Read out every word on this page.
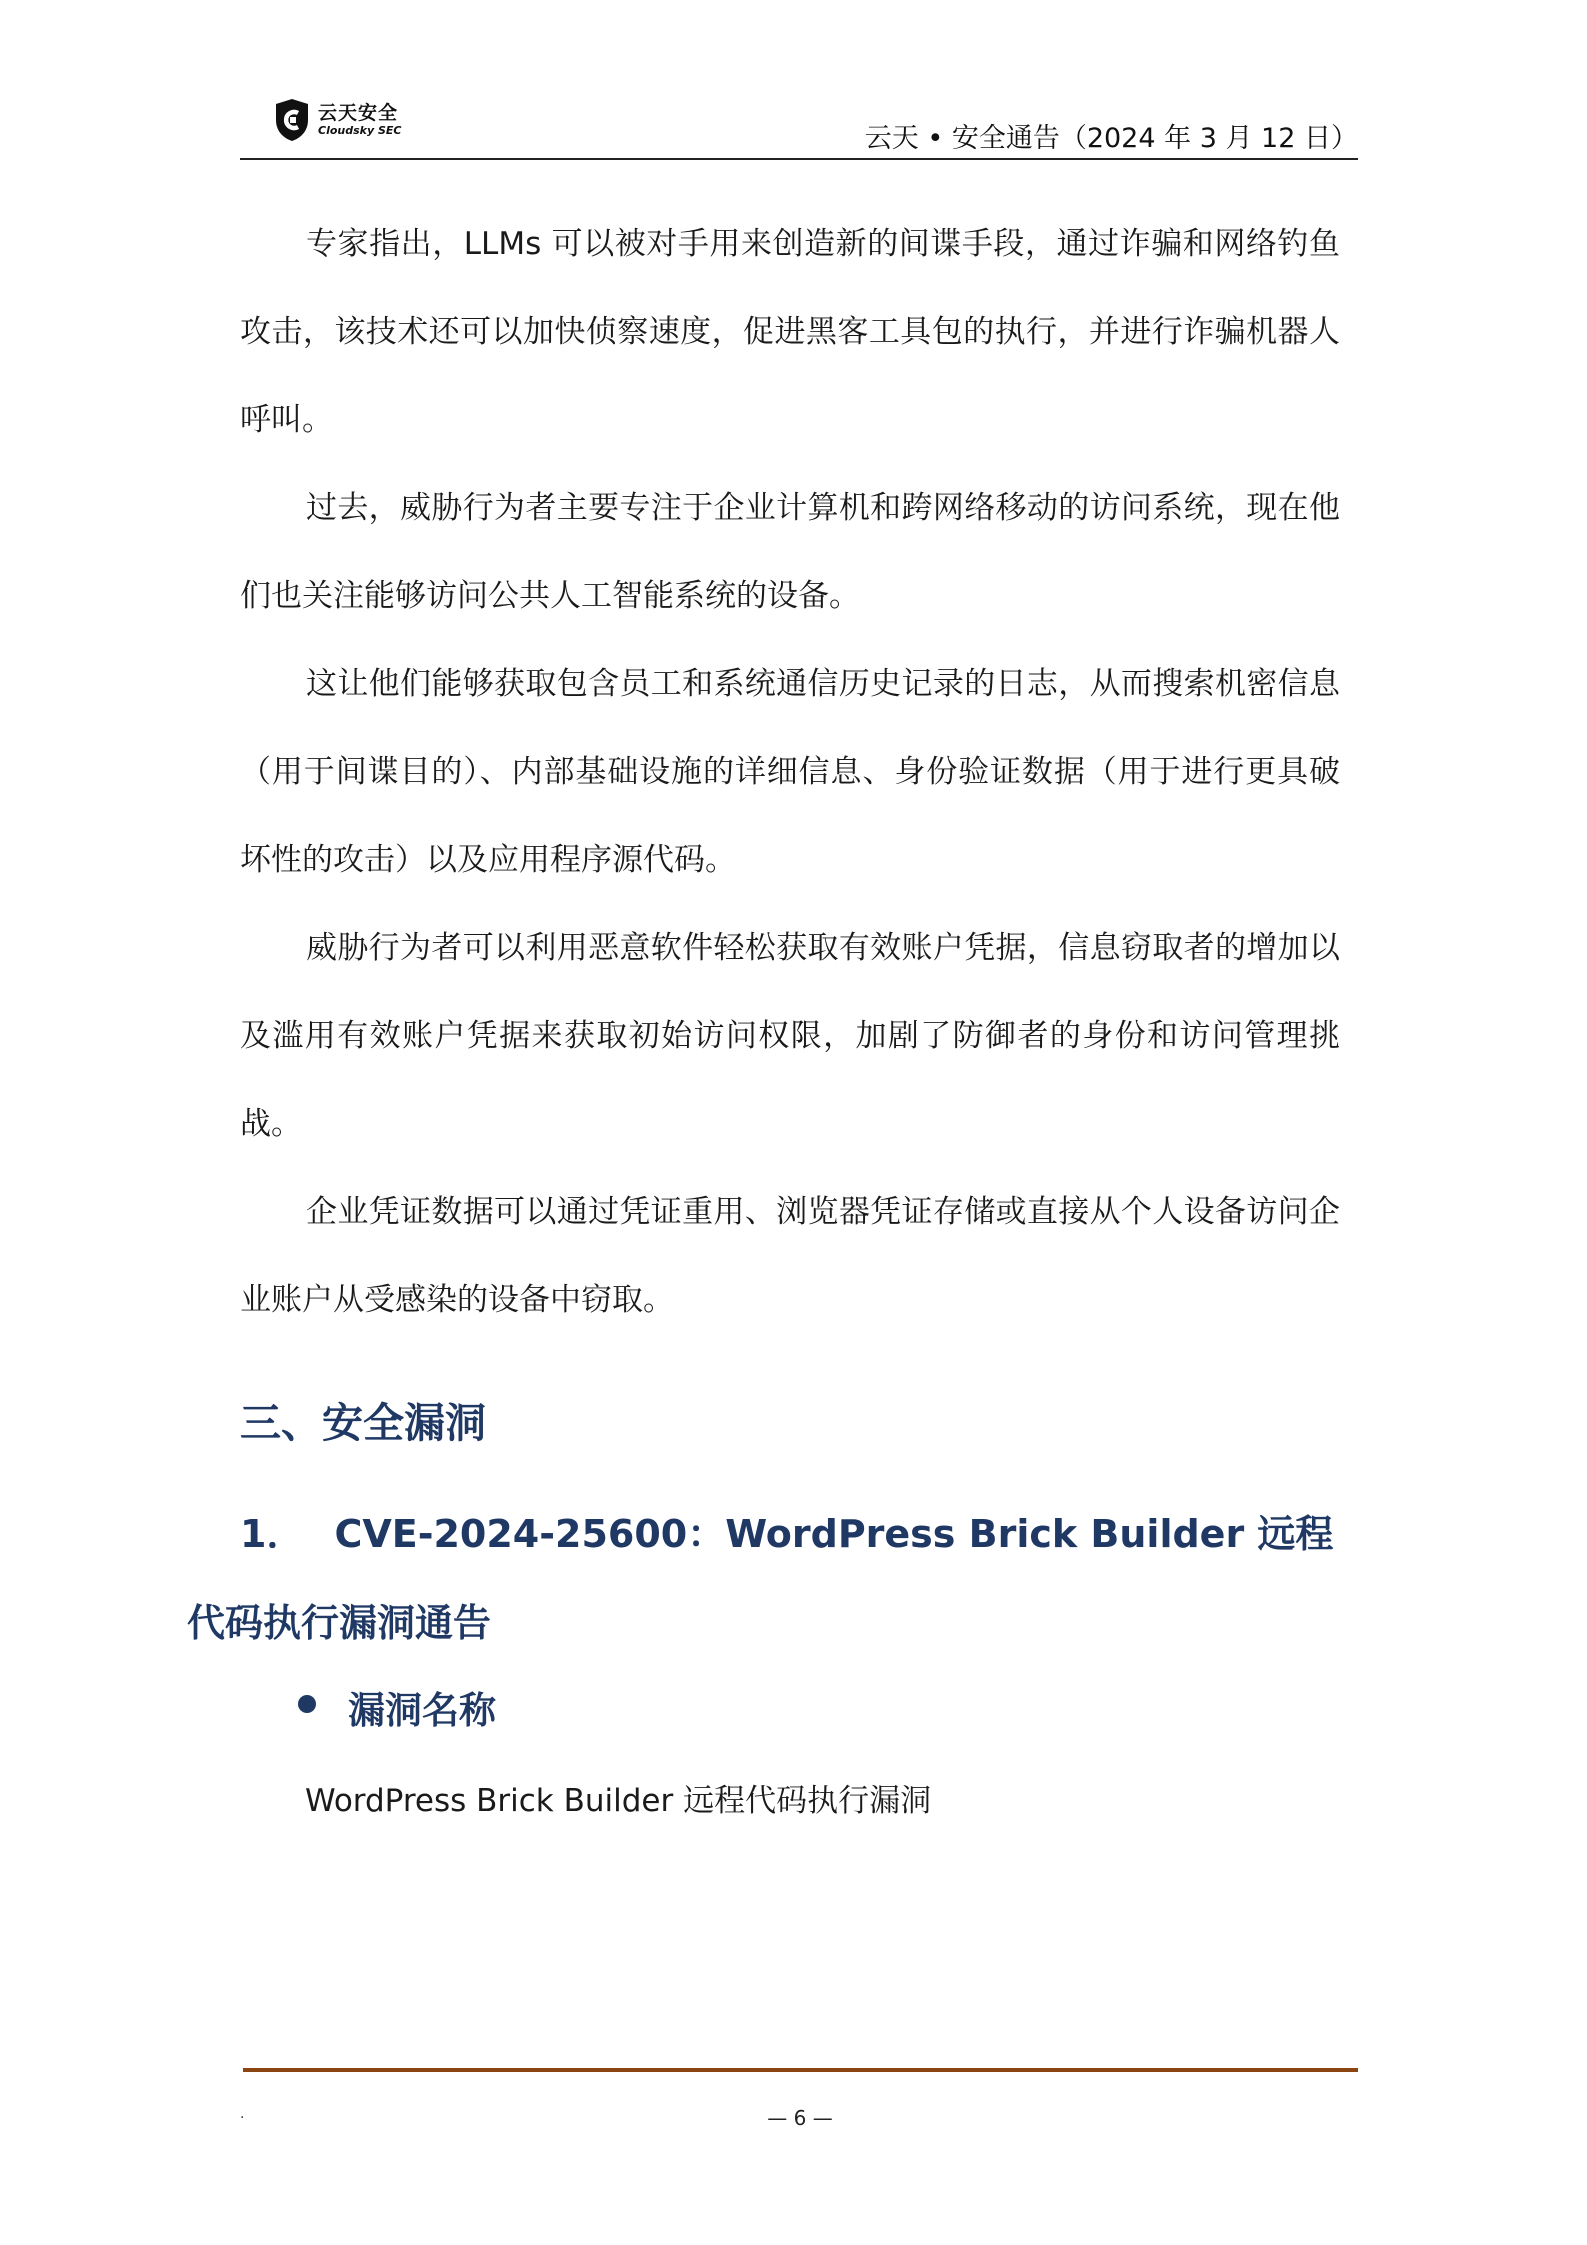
云天安全
Cloudsky SEC	云天 • 安全通告（2024 年 3 月 12 日）

专家指出，LLMs 可以被对手用来创造新的间谍手段，通过诈骗和网络钓鱼攻击，该技术还可以加快侦察速度，促进黑客工具包的执行，并进行诈骗机器人呼叫。

过去，威胁行为者主要专注于企业计算机和跨网络移动的访问系统，现在他们也关注能够访问公共人工智能系统的设备。

这让他们能够获取包含员工和系统通信历史记录的日志，从而搜索机密信息（用于间谍目的）、内部基础设施的详细信息、身份验证数据（用于进行更具破坏性的攻击）以及应用程序源代码。

威胁行为者可以利用恶意软件轻松获取有效账户凭据，信息窃取者的增加以及滥用有效账户凭据来获取初始访问权限，加剧了防御者的身份和访问管理挑战。

企业凭证数据可以通过凭证重用、浏览器凭证存储或直接从个人设备访问企业账户从受感染的设备中窃取。

三、安全漏洞
1． CVE-2024-25600：WordPress Brick Builder 远程代码执行漏洞通告
漏洞名称
WordPress Brick Builder 远程代码执行漏洞
.	— 6 —
